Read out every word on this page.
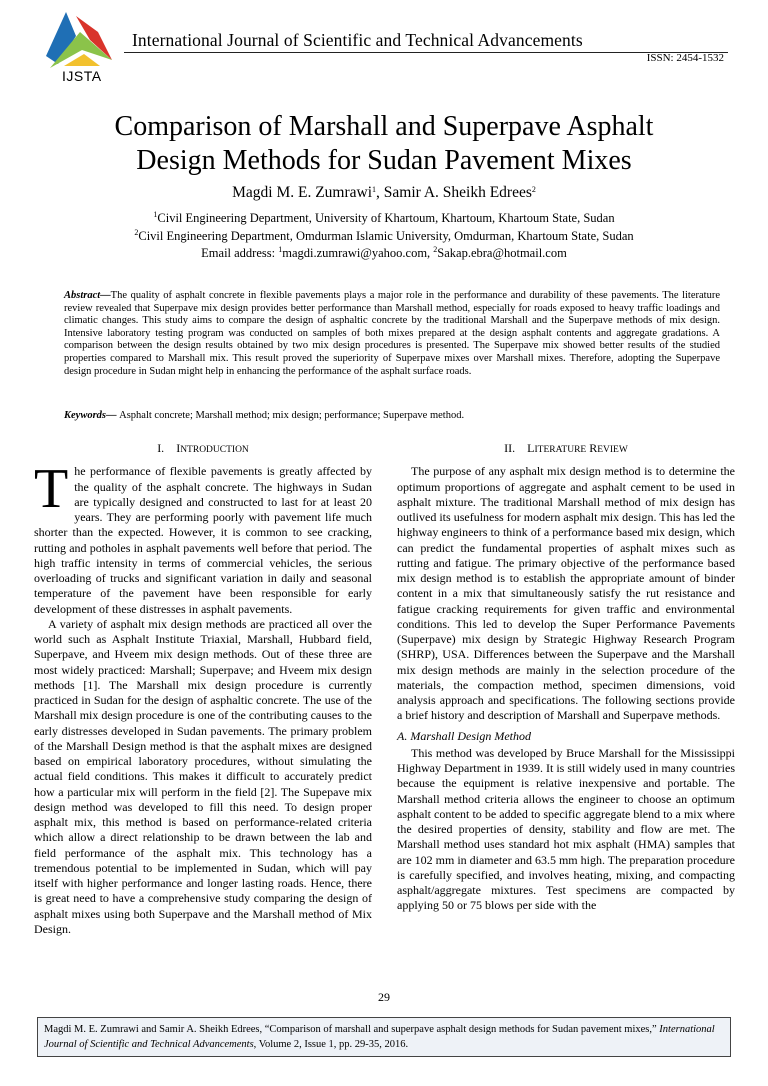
IJSTA
International Journal of Scientific and Technical Advancements
ISSN: 2454-1532
Comparison of Marshall and Superpave Asphalt
Design Methods for Sudan Pavement Mixes
Magdi M. E. Zumrawi$^1$, Samir A. Sheikh Edrees$^2$
$^1$Civil Engineering Department, University of Khartoum, Khartoum, Khartoum State, Sudan
$^2$Civil Engineering Department, Omdurman Islamic University, Omdurman, Khartoum State, Sudan
Email address: $^1$magdi.zumrawi@yahoo.com, $^2$Sakap.ebra@hotmail.com
Abstract—The quality of asphalt concrete in flexible pavements plays a major role in the performance and durability of these pavements. The literature review revealed that Superpave mix design provides better performance than Marshall method, especially for roads exposed to heavy traffic loadings and climatic changes. This study aims to compare the design of asphaltic concrete by the traditional Marshall and the Superpave methods of mix design. Intensive laboratory testing program was conducted on samples of both mixes prepared at the design asphalt contents and aggregate gradations. A comparison between the design results obtained by two mix design procedures is presented. The Superpave mix showed better results of the studied properties compared to Marshall mix. This result proved the superiority of Superpave mixes over Marshall mixes. Therefore, adopting the Superpave design procedure in Sudan might help in enhancing the performance of the asphalt surface roads.
Keywords— Asphalt concrete; Marshall method; mix design; performance; Superpave method.
I. INTRODUCTION

The performance of flexible pavements is greatly affected by the quality of the asphalt concrete. The highways in Sudan are typically designed and constructed to last for at least 20 years. They are performing poorly with pavement life much shorter than the expected. However, it is common to see cracking, rutting and potholes in asphalt pavements well before that period. The high traffic intensity in terms of commercial vehicles, the serious overloading of trucks and significant variation in daily and seasonal temperature of the pavement have been responsible for early development of these distresses in asphalt pavements.

A variety of asphalt mix design methods are practiced all over the world such as Asphalt Institute Triaxial, Marshall, Hubbard field, Superpave, and Hveem mix design methods. Out of these three are most widely practiced: Marshall; Superpave; and Hveem mix design methods [1]. The Marshall mix design procedure is currently practiced in Sudan for the design of asphaltic concrete. The use of the Marshall mix design procedure is one of the contributing causes to the early distresses developed in Sudan pavements. The primary problem of the Marshall Design method is that the asphalt mixes are designed based on empirical laboratory procedures, without simulating the actual field conditions. This makes it difficult to accurately predict how a particular mix will perform in the field [2]. The Supepave mix design method was developed to fill this need. To design proper asphalt mix, this method is based on performance-related criteria which allow a direct relationship to be drawn between the lab and field performance of the asphalt mix. This technology has a tremendous potential to be implemented in Sudan, which will pay itself with higher performance and longer lasting roads. Hence, there is great need to have a comprehensive study comparing the design of asphalt mixes using both Superpave and the Marshall method of Mix Design.

II. LITERATURE REVIEW

The purpose of any asphalt mix design method is to determine the optimum proportions of aggregate and asphalt cement to be used in asphalt mixture. The traditional Marshall method of mix design has outlived its usefulness for modern asphalt mix design. This has led the highway engineers to think of a performance based mix design, which can predict the fundamental properties of asphalt mixes such as rutting and fatigue. The primary objective of the performance based mix design method is to establish the appropriate amount of binder content in a mix that simultaneously satisfy the rut resistance and fatigue cracking requirements for given traffic and environmental conditions. This led to develop the Super Performance Pavements (Superpave) mix design by Strategic Highway Research Program (SHRP), USA. Differences between the Superpave and the Marshall mix design methods are mainly in the selection procedure of the materials, the compaction method, specimen dimensions, void analysis approach and specifications. The following sections provide a brief history and description of Marshall and Superpave methods.

A. Marshall Design Method

This method was developed by Bruce Marshall for the Mississippi Highway Department in 1939. It is still widely used in many countries because the equipment is relative inexpensive and portable. The Marshall method criteria allows the engineer to choose an optimum asphalt content to be added to specific aggregate blend to a mix where the desired properties of density, stability and flow are met. The Marshall method uses standard hot mix asphalt (HMA) samples that are 102 mm in diameter and 63.5 mm high. The preparation procedure is carefully specified, and involves heating, mixing, and compacting asphalt/aggregate mixtures. Test specimens are compacted by applying 50 or 75 blows per side with the

29
Magdi M. E. Zumrawi and Samir A. Sheikh Edrees, “Comparison of marshall and superpave asphalt design methods for Sudan pavement mixes,” International Journal of Scientific and Technical Advancements, Volume 2, Issue 1, pp. 29-35, 2016.
